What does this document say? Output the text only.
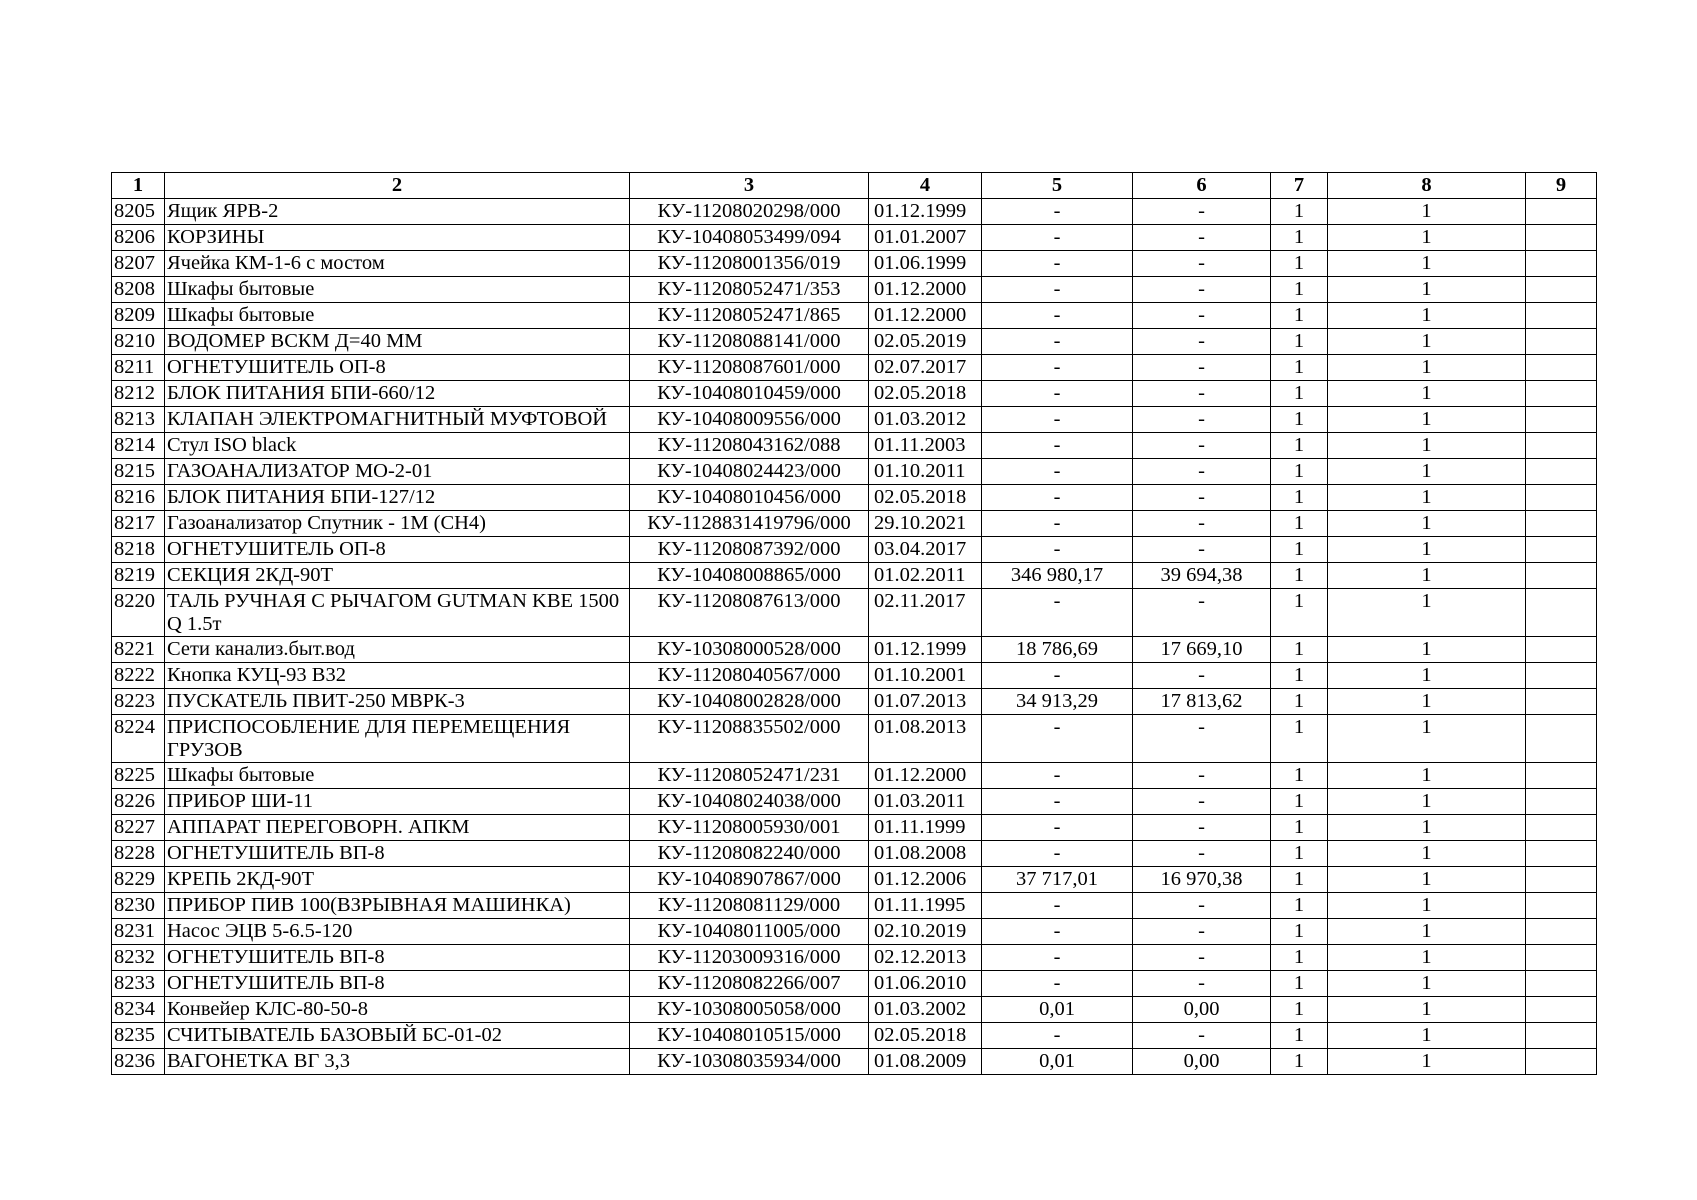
1	2	3	4	5	6	7	8	9
8205	Ящик ЯРВ-2	КУ-11208020298/000	01.12.1999	-	-	1	1	
8206	КОРЗИНЫ	КУ-10408053499/094	01.01.2007	-	-	1	1	
8207	Ячейка КМ-1-6 с мостом	КУ-11208001356/019	01.06.1999	-	-	1	1	
8208	Шкафы бытовые	КУ-11208052471/353	01.12.2000	-	-	1	1	
8209	Шкафы бытовые	КУ-11208052471/865	01.12.2000	-	-	1	1	
8210	ВОДОМЕР ВСКМ Д=40 ММ	КУ-11208088141/000	02.05.2019	-	-	1	1	
8211	ОГНЕТУШИТЕЛЬ ОП-8	КУ-11208087601/000	02.07.2017	-	-	1	1	
8212	БЛОК ПИТАНИЯ БПИ-660/12	КУ-10408010459/000	02.05.2018	-	-	1	1	
8213	КЛАПАН ЭЛЕКТРОМАГНИТНЫЙ МУФТОВОЙ	КУ-10408009556/000	01.03.2012	-	-	1	1	
8214	Стул ISO black	КУ-11208043162/088	01.11.2003	-	-	1	1	
8215	ГАЗОАНАЛИЗАТОР МО-2-01	КУ-10408024423/000	01.10.2011	-	-	1	1	
8216	БЛОК ПИТАНИЯ БПИ-127/12	КУ-10408010456/000	02.05.2018	-	-	1	1	
8217	Газоанализатор Спутник - 1М (СН4)	КУ-1128831419796/000	29.10.2021	-	-	1	1	
8218	ОГНЕТУШИТЕЛЬ ОП-8	КУ-11208087392/000	03.04.2017	-	-	1	1	
8219	СЕКЦИЯ 2КД-90Т	КУ-10408008865/000	01.02.2011	346 980,17	39 694,38	1	1	
8220	ТАЛЬ РУЧНАЯ С РЫЧАГОМ GUTMAN KBE 1500 Q 1.5т	КУ-11208087613/000	02.11.2017	-	-	1	1	
8221	Сети канализ.быт.вод	КУ-10308000528/000	01.12.1999	18 786,69	17 669,10	1	1	
8222	Кнопка КУЦ-93 В32	КУ-11208040567/000	01.10.2001	-	-	1	1	
8223	ПУСКАТЕЛЬ ПВИТ-250 МВРК-3	КУ-10408002828/000	01.07.2013	34 913,29	17 813,62	1	1	
8224	ПРИСПОСОБЛЕНИЕ ДЛЯ ПЕРЕМЕЩЕНИЯ ГРУЗОВ	КУ-11208835502/000	01.08.2013	-	-	1	1	
8225	Шкафы бытовые	КУ-11208052471/231	01.12.2000	-	-	1	1	
8226	ПРИБОР ШИ-11	КУ-10408024038/000	01.03.2011	-	-	1	1	
8227	АППАРАТ ПЕРЕГОВОРН. АПКМ	КУ-11208005930/001	01.11.1999	-	-	1	1	
8228	ОГНЕТУШИТЕЛЬ ВП-8	КУ-11208082240/000	01.08.2008	-	-	1	1	
8229	КРЕПЬ 2КД-90Т	КУ-10408907867/000	01.12.2006	37 717,01	16 970,38	1	1	
8230	ПРИБОР ПИВ 100(ВЗРЫВНАЯ МАШИНКА)	КУ-11208081129/000	01.11.1995	-	-	1	1	
8231	Насос ЭЦВ 5-6.5-120	КУ-10408011005/000	02.10.2019	-	-	1	1	
8232	ОГНЕТУШИТЕЛЬ ВП-8	КУ-11203009316/000	02.12.2013	-	-	1	1	
8233	ОГНЕТУШИТЕЛЬ ВП-8	КУ-11208082266/007	01.06.2010	-	-	1	1	
8234	Конвейер КЛС-80-50-8	КУ-10308005058/000	01.03.2002	0,01	0,00	1	1	
8235	СЧИТЫВАТЕЛЬ БАЗОВЫЙ БС-01-02	КУ-10408010515/000	02.05.2018	-	-	1	1	
8236	ВАГОНЕТКА ВГ 3,3	КУ-10308035934/000	01.08.2009	0,01	0,00	1	1	
